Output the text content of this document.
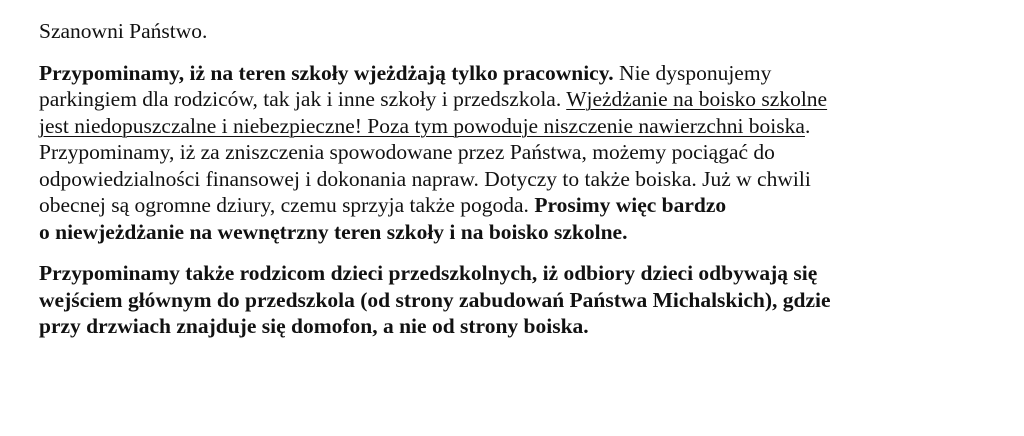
Szanowni Państwo.

Przypominamy, iż na teren szkoły wjeżdżają tylko pracownicy. Nie dysponujemy
parkingiem dla rodziców, tak jak i inne szkoły i przedszkola. Wjeżdżanie na boisko szkolne
jest niedopuszczalne i niebezpieczne! Poza tym powoduje niszczenie nawierzchni boiska.
Przypominamy, iż za zniszczenia spowodowane przez Państwa, możemy pociągać do
odpowiedzialności finansowej i dokonania napraw. Dotyczy to także boiska. Już w chwili
obecnej są ogromne dziury, czemu sprzyja także pogoda. Prosimy więc bardzo
o niewjeżdżanie na wewnętrzny teren szkoły i na boisko szkolne.

Przypominamy także rodzicom dzieci przedszkolnych, iż odbiory dzieci odbywają się
wejściem głównym do przedszkola (od strony zabudowań Państwa Michalskich), gdzie
przy drzwiach znajduje się domofon, a nie od strony boiska.
